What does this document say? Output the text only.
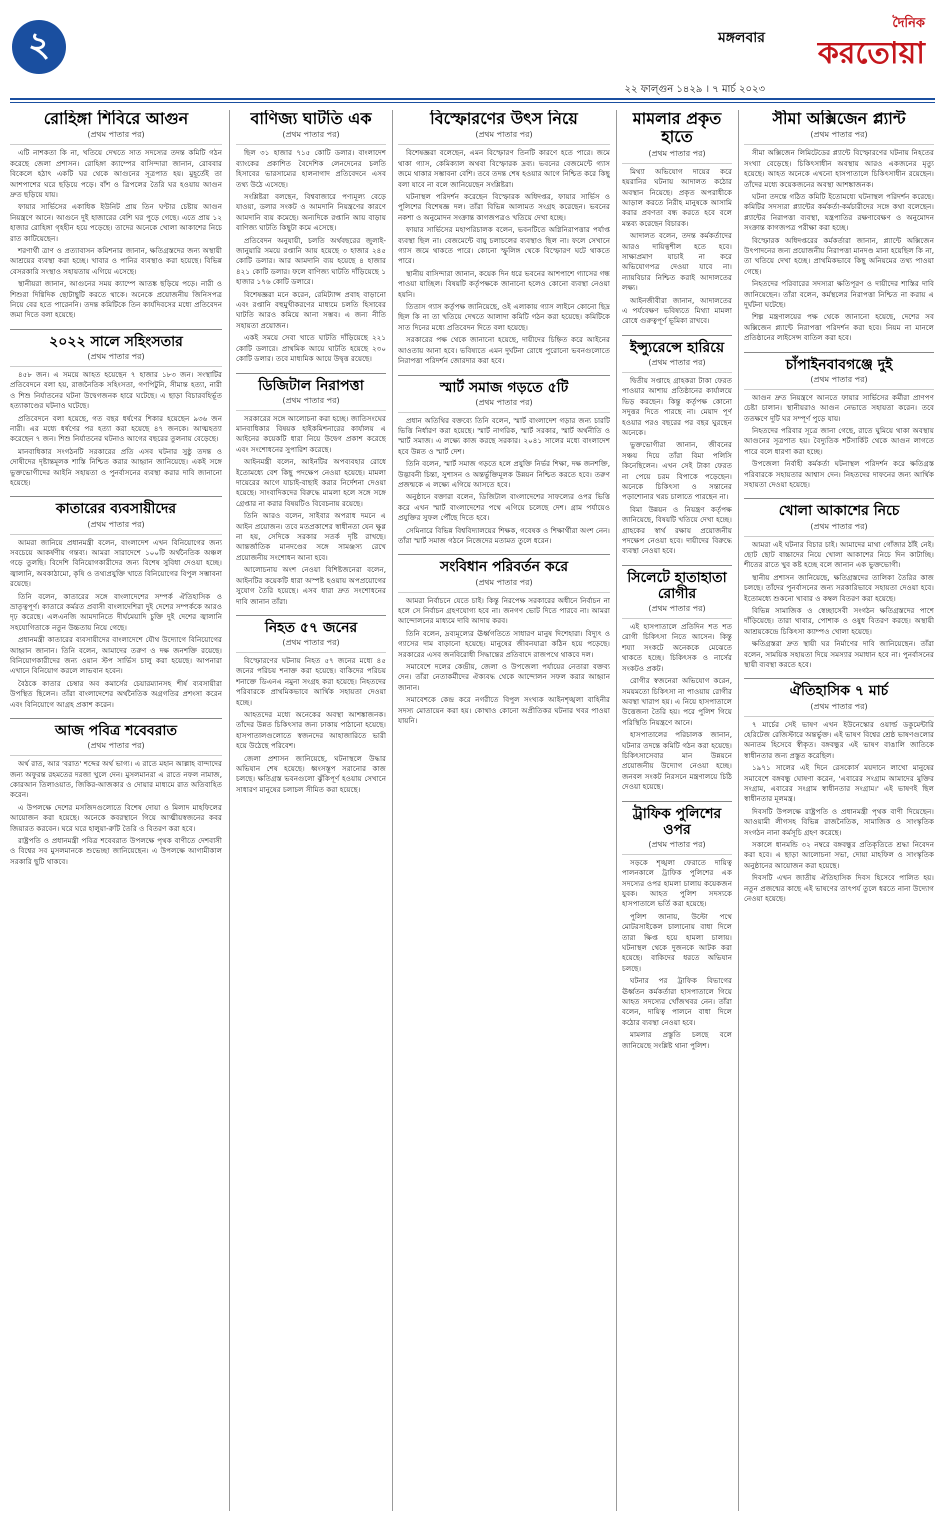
২	মঙ্গলবার
দৈনিক
করতোয়া
২২ ফাল্গুন ১৪২৯ । ৭ মার্চ ২০২৩
রোহিঙ্গা শিবিরে আগুন
(প্রথম পাতার পর)

এটি নাশকতা কি না, খতিয়ে দেখতে সাত সদস্যের তদন্ত কমিটি গঠন করেছে জেলা প্রশাসন। রোহিঙ্গা ক্যাম্পের বাসিন্দারা জানান, রোববার বিকেলে হঠাৎ একটি ঘর থেকে আগুনের সূত্রপাত হয়। মুহূর্তেই তা আশপাশের ঘরে ছড়িয়ে পড়ে। বাঁশ ও ত্রিপলের তৈরি ঘর হওয়ায় আগুন দ্রুত ছড়িয়ে যায়।

ফায়ার সার্ভিসের একাধিক ইউনিট প্রায় তিন ঘণ্টার চেষ্টায় আগুন নিয়ন্ত্রণে আনে। আগুনে দুই হাজারের বেশি ঘর পুড়ে গেছে। এতে প্রায় ১২ হাজার রোহিঙ্গা গৃহহীন হয়ে পড়েছে। তাদের অনেকে খোলা আকাশের নিচে রাত কাটিয়েছেন।

শরণার্থী ত্রাণ ও প্রত্যাবাসন কমিশনার জানান, ক্ষতিগ্রস্তদের জন্য অস্থায়ী আশ্রয়ের ব্যবস্থা করা হচ্ছে। খাবার ও পানির ব্যবস্থাও করা হয়েছে। বিভিন্ন বেসরকারি সংস্থাও সহায়তায় এগিয়ে এসেছে।

স্থানীয়রা জানান, আগুনের সময় ক্যাম্পে আতঙ্ক ছড়িয়ে পড়ে। নারী ও শিশুরা দিগ্বিদিক ছোটাছুটি করতে থাকে। অনেকে প্রয়োজনীয় জিনিসপত্র নিয়ে বের হতে পারেননি। তদন্ত কমিটিকে তিন কার্যদিবসের মধ্যে প্রতিবেদন জমা দিতে বলা হয়েছে।

২০২২ সালে সহিংসতার
(প্রথম পাতার পর)

৪৫৮ জন। এ সময়ে আহত হয়েছেন ৭ হাজার ১৮৩ জন। সংস্থাটির প্রতিবেদনে বলা হয়, রাজনৈতিক সহিংসতা, গণপিটুনি, সীমান্ত হত্যা, নারী ও শিশু নির্যাতনের ঘটনা উদ্বেগজনক হারে ঘটেছে। এ ছাড়া বিচারবহির্ভূত হত্যাকাণ্ডের ঘটনাও ঘটেছে।

প্রতিবেদনে বলা হয়েছে, গত বছর ধর্ষণের শিকার হয়েছেন ৯৩৬ জন নারী। এর মধ্যে ধর্ষণের পর হত্যা করা হয়েছে ৪৭ জনকে। আত্মহত্যা করেছেন ৭ জন। শিশু নির্যাতনের ঘটনাও আগের বছরের তুলনায় বেড়েছে।

মানবাধিকার সংগঠনটি সরকারের প্রতি এসব ঘটনার সুষ্ঠু তদন্ত ও দোষীদের দৃষ্টান্তমূলক শাস্তি নিশ্চিত করার আহ্বান জানিয়েছে। একই সঙ্গে ভুক্তভোগীদের আইনি সহায়তা ও পুনর্বাসনের ব্যবস্থা করার দাবি জানানো হয়েছে।

কাতারের ব্যবসায়ীদের
(প্রথম পাতার পর)

আমরা জানিয়ে প্রধানমন্ত্রী বলেন, বাংলাদেশ এখন বিনিয়োগের জন্য সবচেয়ে আকর্ষণীয় গন্তব্য। আমরা সারাদেশে ১০০টি অর্থনৈতিক অঞ্চল গড়ে তুলছি। বিদেশি বিনিয়োগকারীদের জন্য বিশেষ সুবিধা দেওয়া হচ্ছে। জ্বালানি, অবকাঠামো, কৃষি ও তথ্যপ্রযুক্তি খাতে বিনিয়োগের বিপুল সম্ভাবনা রয়েছে।

তিনি বলেন, কাতারের সঙ্গে বাংলাদেশের সম্পর্ক ঐতিহাসিক ও ভ্রাতৃত্বপূর্ণ। কাতারে কর্মরত প্রবাসী বাংলাদেশিরা দুই দেশের সম্পর্ককে আরও দৃঢ় করেছে। এলএনজি আমদানিতে দীর্ঘমেয়াদি চুক্তি দুই দেশের জ্বালানি সহযোগিতাকে নতুন উচ্চতায় নিয়ে গেছে।

প্রধানমন্ত্রী কাতারের ব্যবসায়ীদের বাংলাদেশে যৌথ উদ্যোগে বিনিয়োগের আহ্বান জানান। তিনি বলেন, আমাদের তরুণ ও দক্ষ জনশক্তি রয়েছে। বিনিয়োগকারীদের জন্য ওয়ান স্টপ সার্ভিস চালু করা হয়েছে। আপনারা এখানে বিনিয়োগ করলে লাভবান হবেন।

বৈঠকে কাতার চেম্বার অব কমার্সের চেয়ারম্যানসহ শীর্ষ ব্যবসায়ীরা উপস্থিত ছিলেন। তাঁরা বাংলাদেশের অর্থনৈতিক অগ্রগতির প্রশংসা করেন এবং বিনিয়োগে আগ্রহ প্রকাশ করেন।

আজ পবিত্র শবেবরাত
(প্রথম পাতার পর)

অর্থ রাত, আর 'বরাত' শব্দের অর্থ ভাগ্য। এ রাতে মহান আল্লাহ বান্দাদের জন্য অফুরন্ত রহমতের দরজা খুলে দেন। মুসলমানরা এ রাতে নফল নামাজ, কোরআন তিলাওয়াত, জিকির-আজকার ও দোয়ার মাধ্যমে রাত অতিবাহিত করেন।

এ উপলক্ষে দেশের মসজিদগুলোতে বিশেষ দোয়া ও মিলাদ মাহফিলের আয়োজন করা হয়েছে। অনেকে কবরস্থানে গিয়ে আত্মীয়স্বজনের কবর জিয়ারত করবেন। ঘরে ঘরে হালুয়া-রুটি তৈরি ও বিতরণ করা হবে।

রাষ্ট্রপতি ও প্রধানমন্ত্রী পবিত্র শবেবরাত উপলক্ষে পৃথক বাণীতে দেশবাসী ও বিশ্বের সব মুসলমানকে শুভেচ্ছা জানিয়েছেন। এ উপলক্ষে আগামীকাল সরকারি ছুটি থাকবে।

বাণিজ্য ঘাটতি এক
(প্রথম পাতার পর)

ছিল ৩১ হাজার ৭১৫ কোটি ডলার। বাংলাদেশ ব্যাংকের প্রকাশিত বৈদেশিক লেনদেনের চলতি হিসাবের ভারসাম্যের হালনাগাদ প্রতিবেদনে এসব তথ্য উঠে এসেছে।

সংশ্লিষ্টরা বলছেন, বিশ্ববাজারে পণ্যমূল্য বেড়ে যাওয়া, ডলার সংকট ও আমদানি নিয়ন্ত্রণের কারণে আমদানি ব্যয় কমেছে। অন্যদিকে রপ্তানি আয় বাড়ায় বাণিজ্য ঘাটতি কিছুটা কমে এসেছে।

প্রতিবেদন অনুযায়ী, চলতি অর্থবছরের জুলাই-জানুয়ারি সময়ে রপ্তানি আয় হয়েছে ৩ হাজার ২৪৫ কোটি ডলার। আর আমদানি ব্যয় হয়েছে ৪ হাজার ৪২১ কোটি ডলার। ফলে বাণিজ্য ঘাটতি দাঁড়িয়েছে ১ হাজার ১৭৬ কোটি ডলারে।

বিশেষজ্ঞরা মনে করেন, রেমিট্যান্স প্রবাহ বাড়ানো এবং রপ্তানি বহুমুখীকরণের মাধ্যমে চলতি হিসাবের ঘাটতি আরও কমিয়ে আনা সম্ভব। এ জন্য নীতি সহায়তা প্রয়োজন।

একই সময়ে সেবা খাতে ঘাটতি দাঁড়িয়েছে ২২১ কোটি ডলারে। প্রাথমিক আয়ে ঘাটতি হয়েছে ২৩০ কোটি ডলার। তবে মাধ্যমিক আয়ে উদ্বৃত্ত রয়েছে।

ডিজিটাল নিরাপত্তা
(প্রথম পাতার পর)

সরকারের সঙ্গে আলোচনা করা হচ্ছে। জাতিসংঘের মানবাধিকার বিষয়ক হাইকমিশনারের কার্যালয় এ আইনের কয়েকটি ধারা নিয়ে উদ্বেগ প্রকাশ করেছে এবং সংশোধনের সুপারিশ করেছে।

আইনমন্ত্রী বলেন, আইনটির অপব্যবহার রোধে ইতোমধ্যে বেশ কিছু পদক্ষেপ নেওয়া হয়েছে। মামলা দায়েরের আগে যাচাই-বাছাই করার নির্দেশনা দেওয়া হয়েছে। সাংবাদিকদের বিরুদ্ধে মামলা হলে সঙ্গে সঙ্গে গ্রেপ্তার না করার বিষয়টিও বিবেচনায় রয়েছে।

তিনি আরও বলেন, সাইবার অপরাধ দমনে এ আইন প্রয়োজন। তবে মতপ্রকাশের স্বাধীনতা যেন ক্ষুণ্ণ না হয়, সেদিকে সরকার সতর্ক দৃষ্টি রাখছে। আন্তর্জাতিক মানদণ্ডের সঙ্গে সামঞ্জস্য রেখে প্রয়োজনীয় সংশোধন আনা হবে।

আলোচনায় অংশ নেওয়া বিশিষ্টজনেরা বলেন, আইনটির কয়েকটি ধারা অস্পষ্ট হওয়ায় অপপ্রয়োগের সুযোগ তৈরি হয়েছে। এসব ধারা দ্রুত সংশোধনের দাবি জানান তাঁরা।

নিহত ৫৭ জনের
(প্রথম পাতার পর)

বিস্ফোরণের ঘটনায় নিহত ৫৭ জনের মধ্যে ৪৫ জনের পরিচয় শনাক্ত করা হয়েছে। বাকিদের পরিচয় শনাক্তে ডিএনএ নমুনা সংগ্রহ করা হয়েছে। নিহতদের পরিবারকে প্রাথমিকভাবে আর্থিক সহায়তা দেওয়া হচ্ছে।

আহতদের মধ্যে অনেকের অবস্থা আশঙ্কাজনক। তাঁদের উন্নত চিকিৎসার জন্য ঢাকায় পাঠানো হয়েছে। হাসপাতালগুলোতে স্বজনদের আহাজারিতে ভারী হয়ে উঠেছে পরিবেশ।

জেলা প্রশাসন জানিয়েছে, ঘটনাস্থলে উদ্ধার অভিযান শেষ হয়েছে। ধ্বংসস্তূপ সরানোর কাজ চলছে। ক্ষতিগ্রস্ত ভবনগুলো ঝুঁকিপূর্ণ হওয়ায় সেখানে সাধারণ মানুষের চলাচল সীমিত করা হয়েছে।

বিস্ফোরণের উৎস নিয়ে
(প্রথম পাতার পর)

বিশেষজ্ঞরা বলেছেন, এমন বিস্ফোরণ তিনটি কারণে হতে পারে। জমে থাকা গ্যাস, কেমিক্যাল অথবা বিস্ফোরক দ্রব্য। ভবনের বেজমেন্টে গ্যাস জমে থাকার সম্ভাবনা বেশি। তবে তদন্ত শেষ হওয়ার আগে নিশ্চিত করে কিছু বলা যাবে না বলে জানিয়েছেন সংশ্লিষ্টরা।

ঘটনাস্থল পরিদর্শন করেছেন বিস্ফোরক অধিদপ্তর, ফায়ার সার্ভিস ও পুলিশের বিশেষজ্ঞ দল। তাঁরা বিভিন্ন আলামত সংগ্রহ করেছেন। ভবনের নকশা ও অনুমোদন সংক্রান্ত কাগজপত্রও খতিয়ে দেখা হচ্ছে।

ফায়ার সার্ভিসের মহাপরিচালক বলেন, ভবনটিতে অগ্নিনিরাপত্তার পর্যাপ্ত ব্যবস্থা ছিল না। বেজমেন্টে বায়ু চলাচলের ব্যবস্থাও ছিল না। ফলে সেখানে গ্যাস জমে থাকতে পারে। কোনো স্ফুলিঙ্গ থেকে বিস্ফোরণ ঘটে থাকতে পারে।

স্থানীয় বাসিন্দারা জানান, কয়েক দিন ধরে ভবনের আশপাশে গ্যাসের গন্ধ পাওয়া যাচ্ছিল। বিষয়টি কর্তৃপক্ষকে জানানো হলেও কোনো ব্যবস্থা নেওয়া হয়নি।

তিতাস গ্যাস কর্তৃপক্ষ জানিয়েছে, ওই এলাকায় গ্যাস লাইনে কোনো ছিদ্র ছিল কি না তা খতিয়ে দেখতে আলাদা কমিটি গঠন করা হয়েছে। কমিটিকে সাত দিনের মধ্যে প্রতিবেদন দিতে বলা হয়েছে।

সরকারের পক্ষ থেকে জানানো হয়েছে, দায়ীদের চিহ্নিত করে আইনের আওতায় আনা হবে। ভবিষ্যতে এমন দুর্ঘটনা রোধে পুরোনো ভবনগুলোতে নিরাপত্তা পরিদর্শন জোরদার করা হবে।

স্মার্ট সমাজ গড়তে ৫টি
(প্রথম পাতার পর)

প্রধান অতিথির বক্তব্যে তিনি বলেন, স্মার্ট বাংলাদেশ গড়ার জন্য চারটি ভিত্তি নির্ধারণ করা হয়েছে। স্মার্ট নাগরিক, স্মার্ট সরকার, স্মার্ট অর্থনীতি ও স্মার্ট সমাজ। এ লক্ষ্যে কাজ করছে সরকার। ২০৪১ সালের মধ্যে বাংলাদেশ হবে উন্নত ও স্মার্ট দেশ।

তিনি বলেন, স্মার্ট সমাজ গড়তে হলে প্রযুক্তি নির্ভর শিক্ষা, দক্ষ জনশক্তি, উদ্ভাবনী চিন্তা, সুশাসন ও অন্তর্ভুক্তিমূলক উন্নয়ন নিশ্চিত করতে হবে। তরুণ প্রজন্মকে এ লক্ষ্যে এগিয়ে আসতে হবে।

অনুষ্ঠানে বক্তারা বলেন, ডিজিটাল বাংলাদেশের সাফল্যের ওপর ভিত্তি করে এখন স্মার্ট বাংলাদেশের পথে এগিয়ে চলেছে দেশ। গ্রাম পর্যায়েও প্রযুক্তির সুফল পৌঁছে দিতে হবে।

সেমিনারে বিভিন্ন বিশ্ববিদ্যালয়ের শিক্ষক, গবেষক ও শিক্ষার্থীরা অংশ নেন। তাঁরা স্মার্ট সমাজ গঠনে নিজেদের মতামত তুলে ধরেন।

সংবিধান পরিবর্তন করে
(প্রথম পাতার পর)

আমরা নির্বাচনে যেতে চাই। কিন্তু নিরপেক্ষ সরকারের অধীনে নির্বাচন না হলে সে নির্বাচন গ্রহণযোগ্য হবে না। জনগণ ভোট দিতে পারবে না। আমরা আন্দোলনের মাধ্যমে দাবি আদায় করব।

তিনি বলেন, দ্রব্যমূল্যের ঊর্ধ্বগতিতে সাধারণ মানুষ দিশেহারা। বিদ্যুৎ ও গ্যাসের দাম বাড়ানো হয়েছে। মানুষের জীবনযাত্রা কঠিন হয়ে পড়েছে। সরকারের এসব জনবিরোধী সিদ্ধান্তের প্রতিবাদে রাজপথে থাকবে দল।

সমাবেশে দলের কেন্দ্রীয়, জেলা ও উপজেলা পর্যায়ের নেতারা বক্তব্য দেন। তাঁরা নেতাকর্মীদের ঐক্যবদ্ধ থেকে আন্দোলন সফল করার আহ্বান জানান।

সমাবেশকে কেন্দ্র করে নগরীতে বিপুল সংখ্যক আইনশৃঙ্খলা বাহিনীর সদস্য মোতায়েন করা হয়। কোথাও কোনো অপ্রীতিকর ঘটনার খবর পাওয়া যায়নি।

মামলার প্রকৃত হাতে
(প্রথম পাতার পর)

মিথ্যা অভিযোগ দায়ের করে হয়রানির ঘটনায় আদালত কঠোর অবস্থান নিয়েছে। প্রকৃত অপরাধীকে আড়াল করতে নিরীহ মানুষকে আসামি করার প্রবণতা বন্ধ করতে হবে বলে মন্তব্য করেছেন বিচারক।

আদালত বলেন, তদন্ত কর্মকর্তাদের আরও দায়িত্বশীল হতে হবে। সাক্ষ্যপ্রমাণ যাচাই না করে অভিযোগপত্র দেওয়া যাবে না। ন্যায়বিচার নিশ্চিত করাই আদালতের লক্ষ্য।

আইনজীবীরা জানান, আদালতের এ পর্যবেক্ষণ ভবিষ্যতে মিথ্যা মামলা রোধে গুরুত্বপূর্ণ ভূমিকা রাখবে।

ইন্স্যুরেন্সে হারিয়ে
(প্রথম পাতার পর)

দ্বিতীয় সপ্তাহে গ্রাহকরা টাকা ফেরত পাওয়ার আশায় প্রতিষ্ঠানের কার্যালয়ে ভিড় করছেন। কিন্তু কর্তৃপক্ষ কোনো সদুত্তর দিতে পারছে না। মেয়াদ পূর্ণ হওয়ার পরও বছরের পর বছর ঘুরছেন অনেকে।

ভুক্তভোগীরা জানান, জীবনের সঞ্চয় দিয়ে তাঁরা বিমা পলিসি কিনেছিলেন। এখন সেই টাকা ফেরত না পেয়ে চরম বিপাকে পড়েছেন। অনেকে চিকিৎসা ও সন্তানের পড়াশোনার খরচ চালাতে পারছেন না।

বিমা উন্নয়ন ও নিয়ন্ত্রণ কর্তৃপক্ষ জানিয়েছে, বিষয়টি খতিয়ে দেখা হচ্ছে। গ্রাহকের স্বার্থ রক্ষায় প্রয়োজনীয় পদক্ষেপ নেওয়া হবে। দায়ীদের বিরুদ্ধে ব্যবস্থা নেওয়া হবে।

সিলেটে হাতাহাতা রোগীর
(প্রথম পাতার পর)

এই হাসপাতালে প্রতিদিন শত শত রোগী চিকিৎসা নিতে আসেন। কিন্তু শয্যা সংকটে অনেককে মেঝেতে থাকতে হচ্ছে। চিকিৎসক ও নার্সের সংকটও প্রকট।

রোগীর স্বজনেরা অভিযোগ করেন, সময়মতো চিকিৎসা না পাওয়ায় রোগীর অবস্থা খারাপ হয়। এ নিয়ে হাসপাতালে উত্তেজনা তৈরি হয়। পরে পুলিশ গিয়ে পরিস্থিতি নিয়ন্ত্রণে আনে।

হাসপাতালের পরিচালক জানান, ঘটনার তদন্তে কমিটি গঠন করা হয়েছে। চিকিৎসাসেবার মান উন্নয়নে প্রয়োজনীয় উদ্যোগ নেওয়া হচ্ছে। জনবল সংকট নিরসনে মন্ত্রণালয়ে চিঠি দেওয়া হয়েছে।

ট্রাফিক পুলিশের ওপর
(প্রথম পাতার পর)

সড়কে শৃঙ্খলা ফেরাতে দায়িত্ব পালনকালে ট্রাফিক পুলিশের এক সদস্যের ওপর হামলা চালায় কয়েকজন যুবক। আহত পুলিশ সদস্যকে হাসপাতালে ভর্তি করা হয়েছে।

পুলিশ জানায়, উল্টো পথে মোটরসাইকেল চালানোয় বাধা দিলে তারা ক্ষিপ্ত হয়ে হামলা চালায়। ঘটনাস্থল থেকে দুজনকে আটক করা হয়েছে। বাকিদের ধরতে অভিযান চলছে।

ঘটনার পর ট্রাফিক বিভাগের ঊর্ধ্বতন কর্মকর্তারা হাসপাতালে গিয়ে আহত সদস্যের খোঁজখবর নেন। তাঁরা বলেন, দায়িত্ব পালনে বাধা দিলে কঠোর ব্যবস্থা নেওয়া হবে।

মামলার প্রস্তুতি চলছে বলে জানিয়েছে সংশ্লিষ্ট থানা পুলিশ।

সীমা অক্সিজেন প্ল্যান্ট
(প্রথম পাতার পর)

সীমা অক্সিজেন লিমিটেডের প্ল্যান্টে বিস্ফোরণের ঘটনায় নিহতের সংখ্যা বেড়েছে। চিকিৎসাধীন অবস্থায় আরও একজনের মৃত্যু হয়েছে। আহত অনেকে এখনো হাসপাতালে চিকিৎসাধীন রয়েছেন। তাঁদের মধ্যে কয়েকজনের অবস্থা আশঙ্কাজনক।

ঘটনা তদন্তে গঠিত কমিটি ইতোমধ্যে ঘটনাস্থল পরিদর্শন করেছে। কমিটির সদস্যরা প্ল্যান্টের কর্মকর্তা-কর্মচারীদের সঙ্গে কথা বলেছেন। প্ল্যান্টের নিরাপত্তা ব্যবস্থা, যন্ত্রপাতির রক্ষণাবেক্ষণ ও অনুমোদন সংক্রান্ত কাগজপত্র পরীক্ষা করা হচ্ছে।

বিস্ফোরক অধিদপ্তরের কর্মকর্তারা জানান, প্ল্যান্টে অক্সিজেন উৎপাদনের জন্য প্রয়োজনীয় নিরাপত্তা মানদণ্ড মানা হয়েছিল কি না, তা খতিয়ে দেখা হচ্ছে। প্রাথমিকভাবে কিছু অনিয়মের তথ্য পাওয়া গেছে।

নিহতদের পরিবারের সদস্যরা ক্ষতিপূরণ ও দায়ীদের শাস্তির দাবি জানিয়েছেন। তাঁরা বলেন, কর্মস্থলের নিরাপত্তা নিশ্চিত না করায় এ দুর্ঘটনা ঘটেছে।

শিল্প মন্ত্রণালয়ের পক্ষ থেকে জানানো হয়েছে, দেশের সব অক্সিজেন প্ল্যান্টে নিরাপত্তা পরিদর্শন করা হবে। নিয়ম না মানলে প্রতিষ্ঠানের লাইসেন্স বাতিল করা হবে।

চাঁপাইনবাবগঞ্জে দুই
(প্রথম পাতার পর)

আগুন দ্রুত নিয়ন্ত্রণে আনতে ফায়ার সার্ভিসের কর্মীরা প্রাণপণ চেষ্টা চালান। স্থানীয়রাও আগুন নেভাতে সহায়তা করেন। তবে ততক্ষণে দুটি ঘর সম্পূর্ণ পুড়ে যায়।

নিহতদের পরিবার সূত্রে জানা গেছে, রাতে ঘুমিয়ে থাকা অবস্থায় আগুনের সূত্রপাত হয়। বৈদ্যুতিক শর্টসার্কিট থেকে আগুন লাগতে পারে বলে ধারণা করা হচ্ছে।

উপজেলা নির্বাহী কর্মকর্তা ঘটনাস্থল পরিদর্শন করে ক্ষতিগ্রস্ত পরিবারকে সহায়তার আশ্বাস দেন। নিহতদের দাফনের জন্য আর্থিক সহায়তা দেওয়া হয়েছে।

খোলা আকাশের নিচে
(প্রথম পাতার পর)

আমরা এই ঘটনার বিচার চাই। আমাদের মাথা গোঁজার ঠাঁই নেই। ছোট ছোট বাচ্চাদের নিয়ে খোলা আকাশের নিচে দিন কাটাচ্ছি। শীতের রাতে খুব কষ্ট হচ্ছে বলে জানান এক ভুক্তভোগী।

স্থানীয় প্রশাসন জানিয়েছে, ক্ষতিগ্রস্তদের তালিকা তৈরির কাজ চলছে। তাঁদের পুনর্বাসনের জন্য সরকারিভাবে সহায়তা দেওয়া হবে। ইতোমধ্যে শুকনো খাবার ও কম্বল বিতরণ করা হয়েছে।

বিভিন্ন সামাজিক ও স্বেচ্ছাসেবী সংগঠন ক্ষতিগ্রস্তদের পাশে দাঁড়িয়েছে। তারা খাবার, পোশাক ও ওষুধ বিতরণ করছে। অস্থায়ী আশ্রয়কেন্দ্রে চিকিৎসা ক্যাম্পও খোলা হয়েছে।

ক্ষতিগ্রস্তরা দ্রুত স্থায়ী ঘর নির্মাণের দাবি জানিয়েছেন। তাঁরা বলেন, সাময়িক সহায়তা দিয়ে সমস্যার সমাধান হবে না। পুনর্বাসনের স্থায়ী ব্যবস্থা করতে হবে।

ঐতিহাসিক ৭ মার্চ
(প্রথম পাতার পর)

৭ মার্চের সেই ভাষণ এখন ইউনেস্কোর ওয়ার্ল্ড ডকুমেন্টারি হেরিটেজ রেজিস্টারে অন্তর্ভুক্ত। এই ভাষণ বিশ্বের শ্রেষ্ঠ ভাষণগুলোর অন্যতম হিসেবে স্বীকৃত। বঙ্গবন্ধুর এই ভাষণ বাঙালি জাতিকে স্বাধীনতার জন্য প্রস্তুত করেছিল।

১৯৭১ সালের এই দিনে রেসকোর্স ময়দানে লাখো মানুষের সমাবেশে বঙ্গবন্ধু ঘোষণা করেন, 'এবারের সংগ্রাম আমাদের মুক্তির সংগ্রাম, এবারের সংগ্রাম স্বাধীনতার সংগ্রাম।' এই ভাষণই ছিল স্বাধীনতার মূলমন্ত্র।

দিবসটি উপলক্ষে রাষ্ট্রপতি ও প্রধানমন্ত্রী পৃথক বাণী দিয়েছেন। আওয়ামী লীগসহ বিভিন্ন রাজনৈতিক, সামাজিক ও সাংস্কৃতিক সংগঠন নানা কর্মসূচি গ্রহণ করেছে।

সকালে ধানমন্ডি ৩২ নম্বরে বঙ্গবন্ধুর প্রতিকৃতিতে শ্রদ্ধা নিবেদন করা হবে। এ ছাড়া আলোচনা সভা, দোয়া মাহফিল ও সাংস্কৃতিক অনুষ্ঠানের আয়োজন করা হয়েছে।

দিবসটি এখন জাতীয় ঐতিহাসিক দিবস হিসেবে পালিত হয়। নতুন প্রজন্মের কাছে এই ভাষণের তাৎপর্য তুলে ধরতে নানা উদ্যোগ নেওয়া হয়েছে।
